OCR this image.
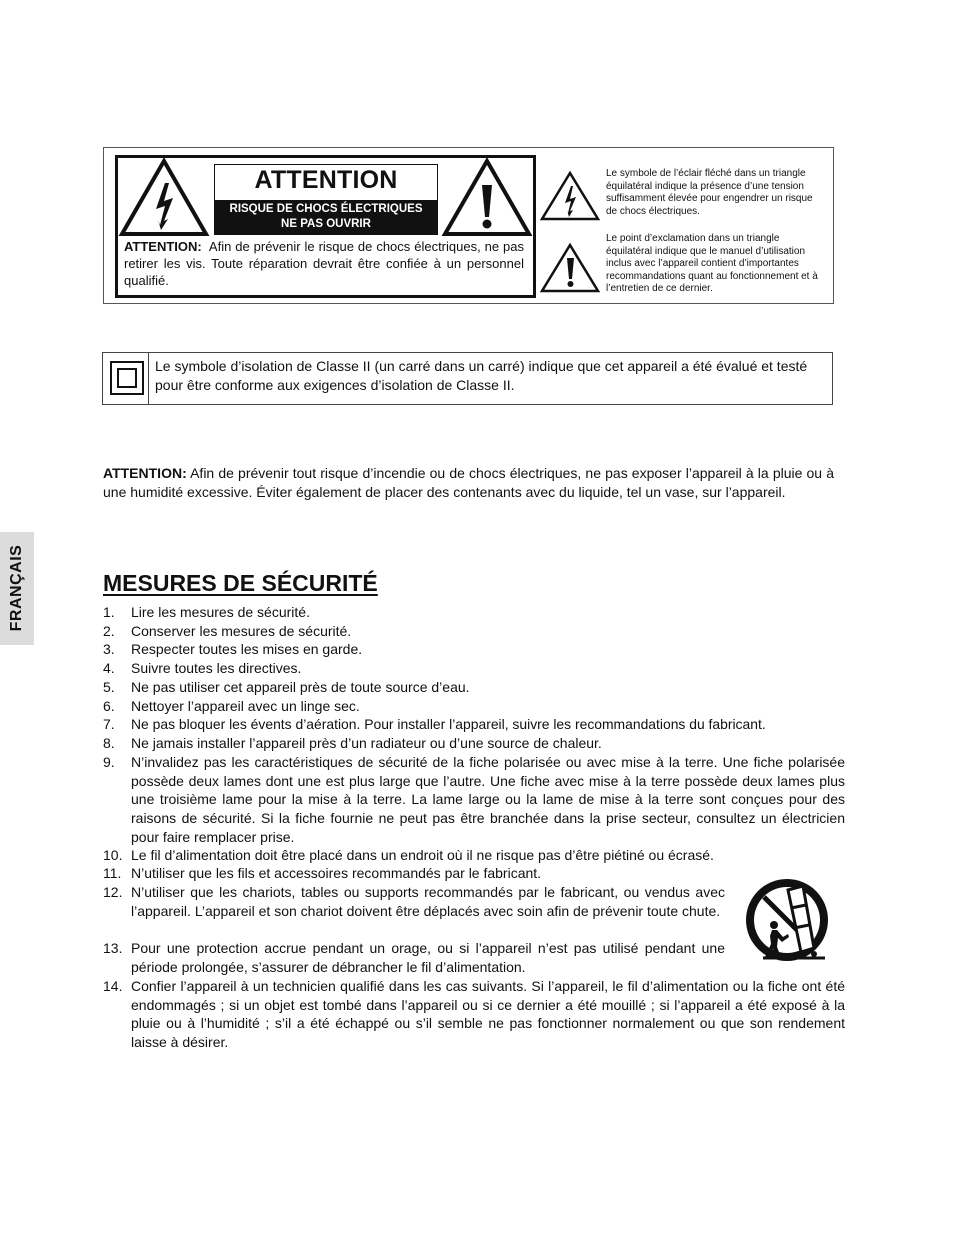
ATTENTION
RISQUE DE CHOCS ÉLECTRIQUES
NE PAS OUVRIR
ATTENTION: Afin de prévenir le risque de chocs électriques, ne pas retirer les vis. Toute réparation devrait être confiée à un personnel qualifié.
Le symbole de l’éclair fléché dans un triangle équilatéral indique la présence d’une tension suffisamment élevée pour engendrer un risque de chocs électriques.
Le point d’exclamation dans un triangle équilatéral indique que le manuel d’utilisation inclus avec l’appareil contient d’importantes recommandations quant au fonctionnement et à l’entretien de ce dernier.
Le symbole d’isolation de Classe II (un carré dans un carré) indique que cet appareil a été évalué et testé pour être conforme aux exigences d’isolation de Classe II.
ATTENTION: Afin de prévenir tout risque d’incendie ou de chocs électriques, ne pas exposer l’appareil à la pluie ou à une humidité excessive. Éviter également de placer des contenants avec du liquide, tel un vase, sur l’appareil.
FRANÇAIS	MESURES DE SÉCURITÉ
1.	Lire les mesures de sécurité.
2.	Conserver les mesures de sécurité.
3.	Respecter toutes les mises en garde.
4.	Suivre toutes les directives.
5.	Ne pas utiliser cet appareil près de toute source d’eau.
6.	Nettoyer l’appareil avec un linge sec.
7.	Ne pas bloquer les évents d’aération. Pour installer l’appareil, suivre les recommandations du fabricant.
8.	Ne jamais installer l’appareil près d’un radiateur ou d’une source de chaleur.
9.	N’invalidez pas les caractéristiques de sécurité de la fiche polarisée ou avec mise à la terre. Une fiche polarisée possède deux lames dont une est plus large que l’autre. Une fiche avec mise à la terre possède deux lames plus une troisième lame pour la mise à la terre. La lame large ou la lame de mise à la terre sont conçues pour des raisons de sécurité. Si la fiche fournie ne peut pas être branchée dans la prise secteur, consultez un électricien pour faire remplacer prise.
10. Le fil d’alimentation doit être placé dans un endroit où il ne risque pas d’être piétiné ou écrasé.
11. N’utiliser que les fils et accessoires recommandés par le fabricant.
12. N’utiliser que les chariots, tables ou supports recommandés par le fabricant, ou vendus avec l’appareil. L’appareil et son chariot doivent être déplacés avec soin afin de prévenir toute chute.
13. Pour une protection accrue pendant un orage, ou si l’appareil n’est pas utilisé pendant une période prolongée, s’assurer de débrancher le fil d’alimentation.
14. Confier l’appareil à un technicien qualifié dans les cas suivants. Si l’appareil, le fil d’alimentation ou la fiche ont été endommagés ; si un objet est tombé dans l’appareil ou si ce dernier a été mouillé ; si l’appareil a été exposé à la pluie ou à l’humidité ; s’il a été échappé ou s’il semble ne pas fonctionner normalement ou que son rendement laisse à désirer.
